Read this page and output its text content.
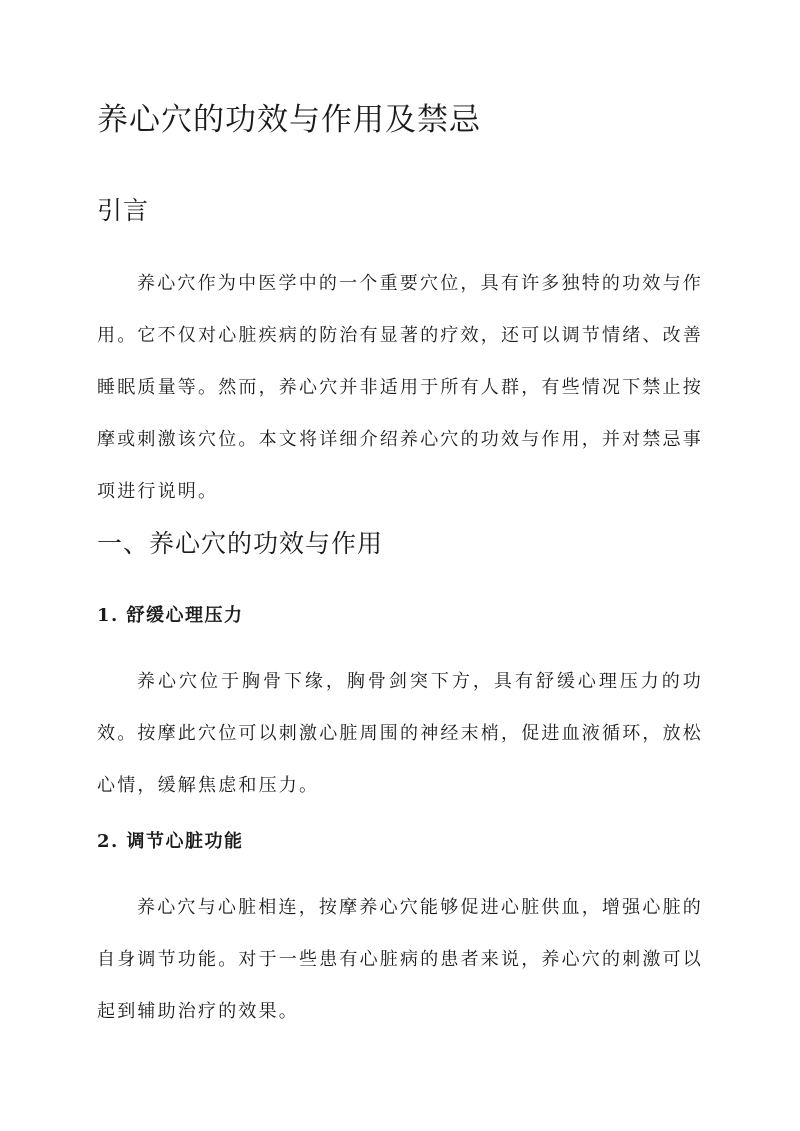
养心穴的功效与作用及禁忌
引言

养心穴作为中医学中的一个重要穴位，具有许多独特的功效与作用。它不仅对心脏疾病的防治有显著的疗效，还可以调节情绪、改善睡眠质量等。然而，养心穴并非适用于所有人群，有些情况下禁止按摩或刺激该穴位。本文将详细介绍养心穴的功效与作用，并对禁忌事项进行说明。

一、养心穴的功效与作用
1. 舒缓心理压力

养心穴位于胸骨下缘，胸骨剑突下方，具有舒缓心理压力的功效。按摩此穴位可以刺激心脏周围的神经末梢，促进血液循环，放松心情，缓解焦虑和压力。

2. 调节心脏功能

养心穴与心脏相连，按摩养心穴能够促进心脏供血，增强心脏的自身调节功能。对于一些患有心脏病的患者来说，养心穴的刺激可以起到辅助治疗的效果。
